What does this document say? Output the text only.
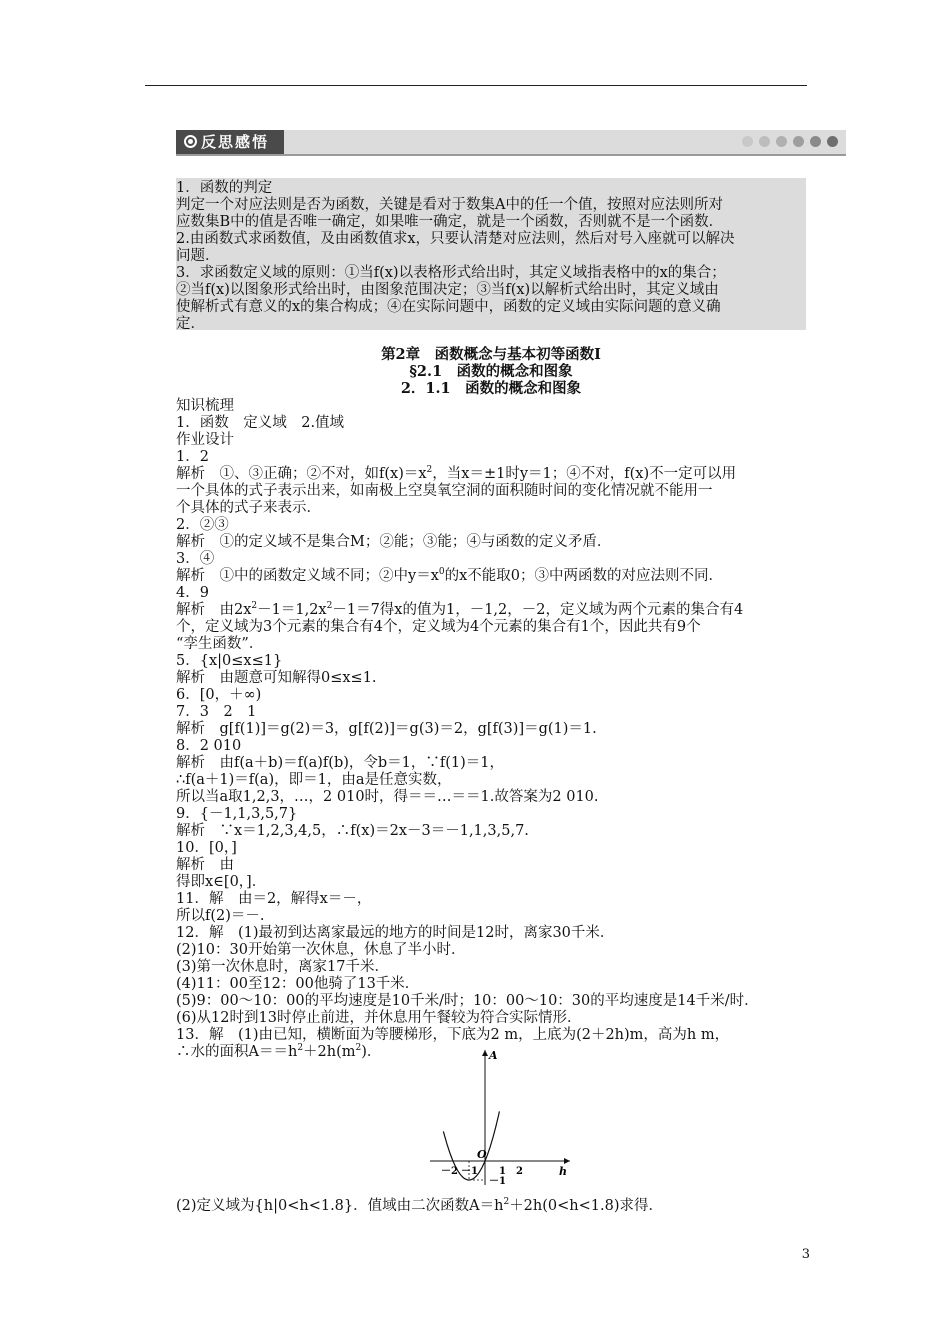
反思感悟
1．函数的判定
判定一个对应法则是否为函数，关键是看对于数集A中的任一个值，按照对应法则所对
应数集B中的值是否唯一确定，如果唯一确定，就是一个函数，否则就不是一个函数．
2.由函数式求函数值，及由函数值求x，只要认清楚对应法则，然后对号入座就可以解决
问题．
3．求函数定义域的原则：①当f(x)以表格形式给出时，其定义域指表格中的x的集合；
②当f(x)以图象形式给出时，由图象范围决定；③当f(x)以解析式给出时，其定义域由
使解析式有意义的x的集合构成；④在实际问题中，函数的定义域由实际问题的意义确
定．
第2章　函数概念与基本初等函数Ⅰ
§2.1　函数的概念和图象
2．1.1　函数的概念和图象
知识梳理
1．函数　定义域　2.值域
作业设计
1．2
解析　①、③正确；②不对，如$f(x)=x^2$，当x＝±1时y＝1；④不对，f(x)不一定可以用
一个具体的式子表示出来，如南极上空臭氧空洞的面积随时间的变化情况就不能用一
个具体的式子来表示．
2．②③
解析　①的定义域不是集合M；②能；③能；④与函数的定义矛盾．
3．④
解析　①中的函数定义域不同；②中$y=x^0$的x不能取0；③中两函数的对应法则不同．
4．9
解析　由$2x^2-1=1,2x^2-1=7$得x的值为1，－1,2，－2，定义域为两个元素的集合有4
个，定义域为3个元素的集合有4个，定义域为4个元素的集合有1个，因此共有9个
“孪生函数”．
5．{x|0≤x≤1}
解析　由题意可知解得0≤x≤1.
6．[0，＋∞)
7．3　2　1
解析　g[f(1)]＝g(2)＝3，g[f(2)]＝g(3)＝2，g[f(3)]＝g(1)＝1.
8．2 010
解析　由f(a＋b)＝f(a)f(b)，令b＝1，∵f(1)＝1，
∴f(a＋1)＝f(a)，即＝1，由a是任意实数，
所以当a取1,2,3，…，2 010时，得＝＝…＝＝1.故答案为2 010.
9．{－1,1,3,5,7}
解析　∵x＝1,2,3,4,5，∴f(x)＝2x－3＝－1,1,3,5,7.
10．[0，]
解析　由
得即x∈[0，]．
11．解　由＝2，解得x＝－，
所以f(2)＝－.
12．解　(1)最初到达离家最远的地方的时间是12时，离家30千米．
(2)10：30开始第一次休息，休息了半小时．
(3)第一次休息时，离家17千米．
(4)11：00至12：00他骑了13千米．
(5)9：00～10：00的平均速度是10千米/时；10：00～10：30的平均速度是14千米/时．
(6)从12时到13时停止前进，并休息用午餐较为符合实际情形．
13．解　(1)由已知，横断面为等腰梯形，下底为2 m，上底为(2＋2h)m，高为h m，
∴水的面积$A==h^2+2h(m^2)$．	A
h
O
－2 －1 1 2
－1
(2)定义域为{h|0<h<1.8}．值域由二次函数$A=h^2+2h(0<h<1.8)$求得．
3
